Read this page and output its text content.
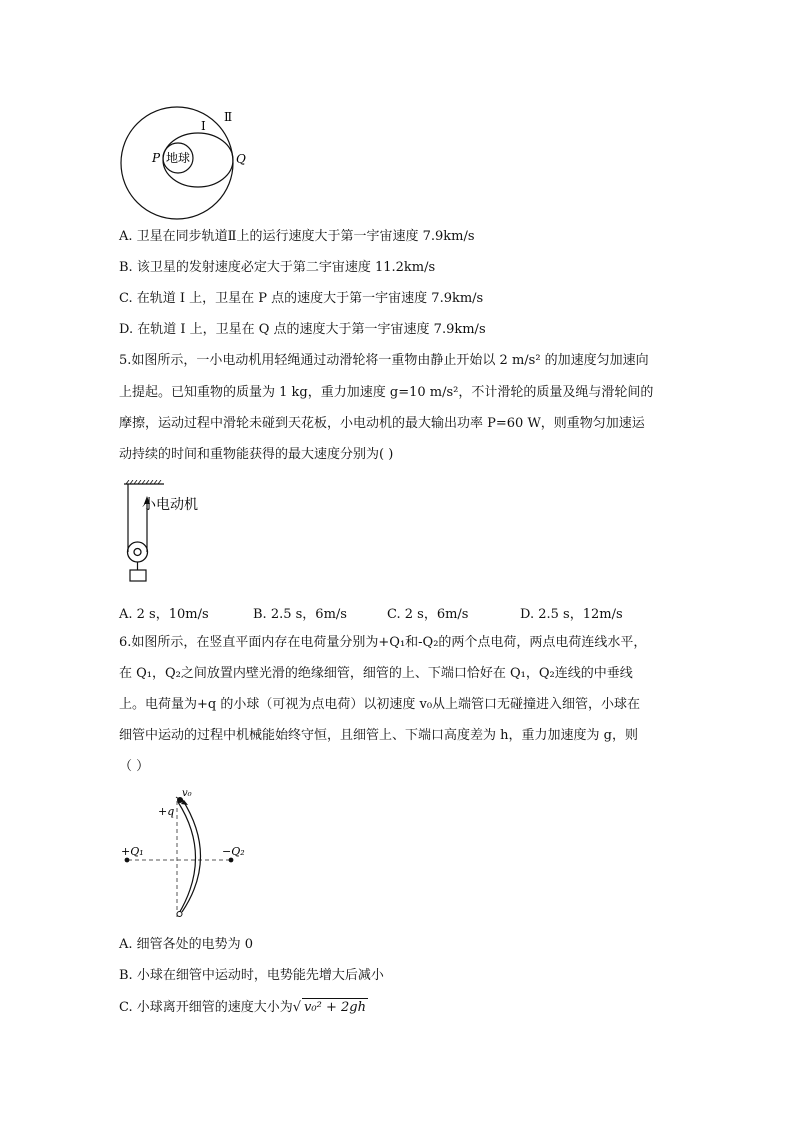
地球
P	Q
I
Ⅱ
A. 卫星在同步轨道Ⅱ上的运行速度大于第一宇宙速度 7.9km/s
B. 该卫星的发射速度必定大于第二宇宙速度 11.2km/s
C. 在轨道 I 上，卫星在 P 点的速度大于第一宇宙速度 7.9km/s
D. 在轨道 I 上，卫星在 Q 点的速度大于第一宇宙速度 7.9km/s
5.如图所示，一小电动机用轻绳通过动滑轮将一重物由静止开始以 2 m/s² 的加速度匀加速向
上提起。已知重物的质量为 1 kg，重力加速度 g=10 m/s²，不计滑轮的质量及绳与滑轮间的
摩擦，运动过程中滑轮未碰到天花板，小电动机的最大输出功率 P=60 W，则重物匀加速运
动持续的时间和重物能获得的最大速度分别为( )
小电动机
A. 2 s，10m/s	B. 2.5 s，6m/s	C. 2 s，6m/s	D. 2.5 s，12m/s
6.如图所示，在竖直平面内存在电荷量分别为+Q₁和-Q₂的两个点电荷，两点电荷连线水平，
在 Q₁，Q₂之间放置内壁光滑的绝缘细管，细管的上、下端口恰好在 Q₁，Q₂连线的中垂线
上。电荷量为+q 的小球（可视为点电荷）以初速度 v₀从上端管口无碰撞进入细管，小球在
细管中运动的过程中机械能始终守恒，且细管上、下端口高度差为 h，重力加速度为 g，则
（ ）
v₀
+q
+Q₁	−Q₂
A. 细管各处的电势为 0
B. 小球在细管中运动时，电势能先增大后减小
C. 小球离开细管的速度大小为√ v₀² + 2gh
